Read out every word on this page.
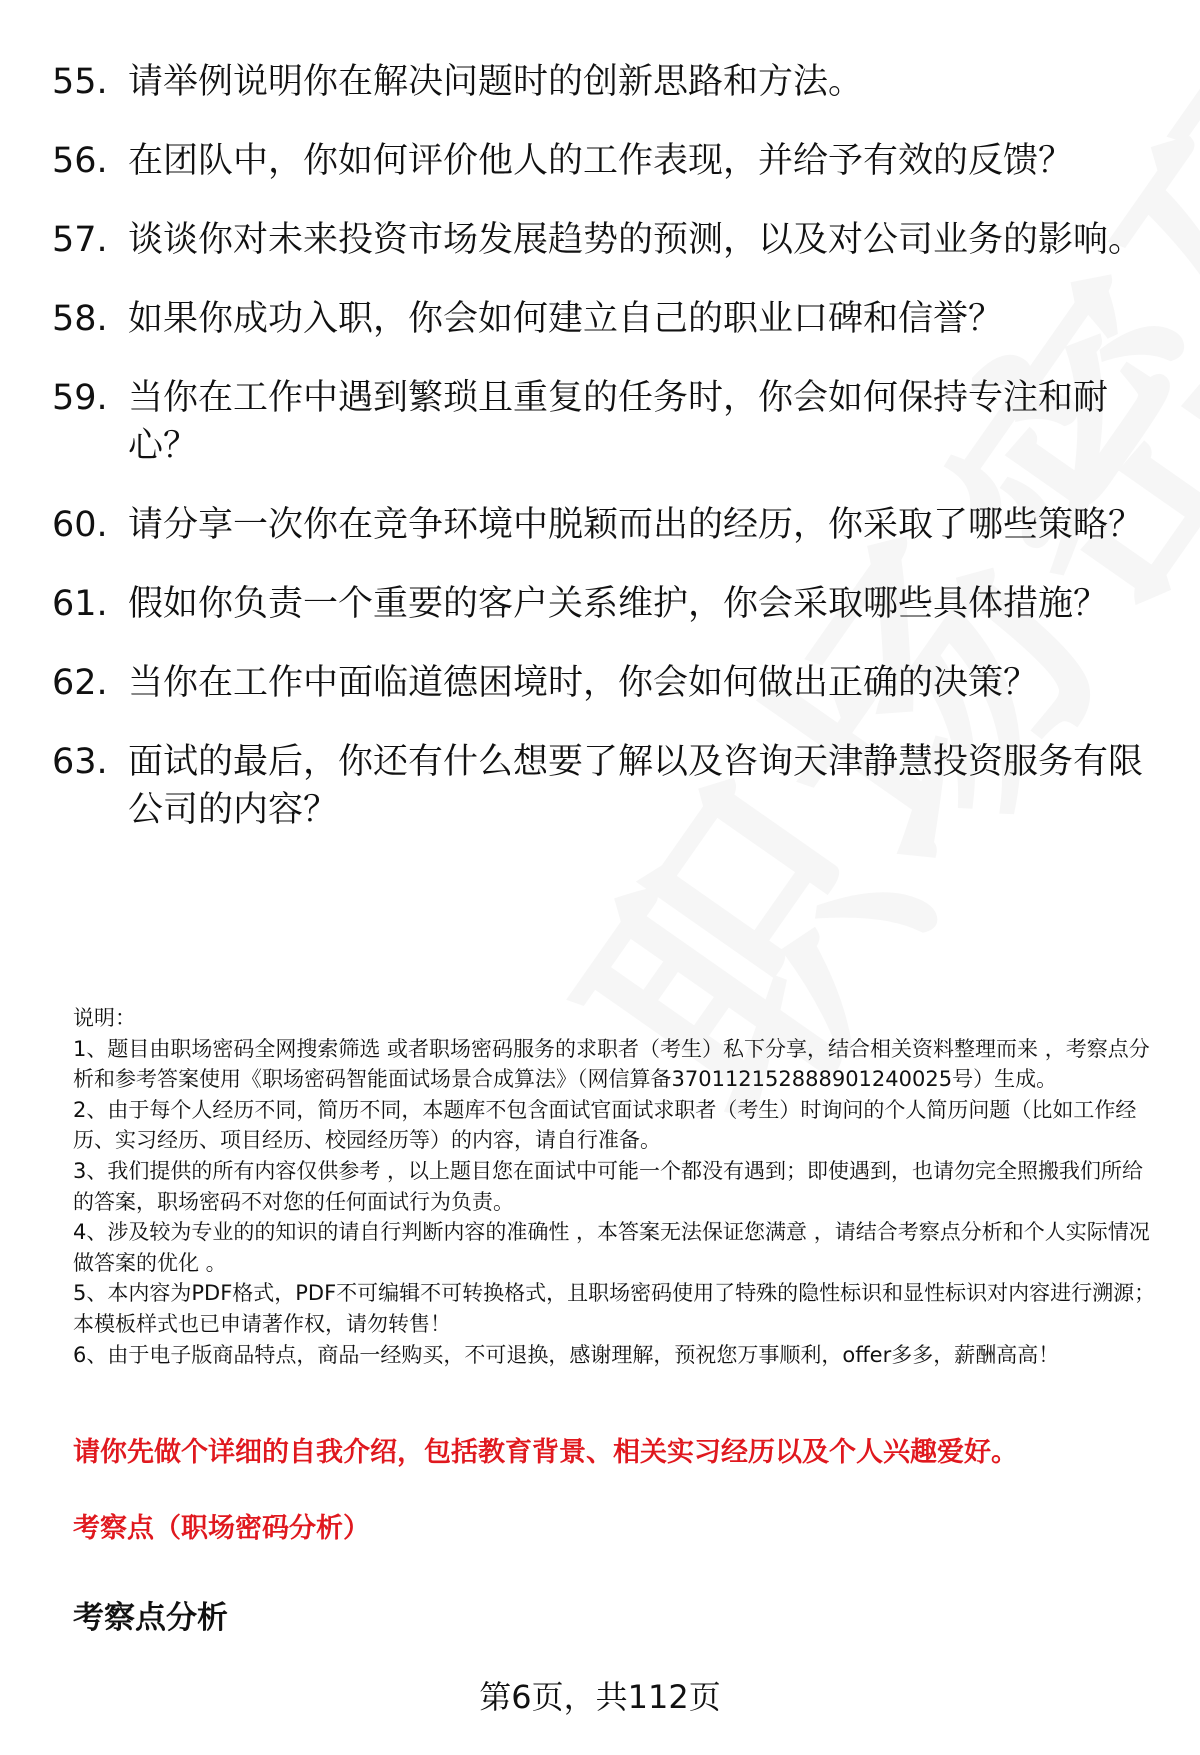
55. 请举例说明你在解决问题时的创新思路和方法。
56. 在团队中，你如何评价他人的工作表现，并给予有效的反馈？
57. 谈谈你对未来投资市场发展趋势的预测，以及对公司业务的影响。
58. 如果你成功入职，你会如何建立自己的职业口碑和信誉？
59. 当你在工作中遇到繁琐且重复的任务时，你会如何保持专注和耐心？
60. 请分享一次你在竞争环境中脱颖而出的经历，你采取了哪些策略？
61. 假如你负责一个重要的客户关系维护，你会采取哪些具体措施？
62. 当你在工作中面临道德困境时，你会如何做出正确的决策？
63. 面试的最后，你还有什么想要了解以及咨询天津静慧投资服务有限公司的内容？

说明：

1、题目由职场密码全网搜索筛选 或者职场密码服务的求职者（考生）私下分享，结合相关资料整理而来 ，考察点分析和参考答案使用《职场密码智能面试场景合成算法》（网信算备370112152888901240025号）生成。

2、由于每个人经历不同，简历不同，本题库不包含面试官面试求职者（考生）时询问的个人简历问题（比如工作经历、实习经历、项目经历、校园经历等）的内容，请自行准备。

3、我们提供的所有内容仅供参考 ，以上题目您在面试中可能一个都没有遇到；即使遇到，也请勿完全照搬我们所给的答案，职场密码不对您的任何面试行为负责。

4、涉及较为专业的的知识的请自行判断内容的准确性 ，本答案无法保证您满意 ，请结合考察点分析和个人实际情况做答案的优化 。

5、本内容为PDF格式，PDF不可编辑不可转换格式，且职场密码使用了特殊的隐性标识和显性标识对内容进行溯源；本模板样式也已申请著作权，请勿转售！

6、由于电子版商品特点，商品一经购买，不可退换，感谢理解，预祝您万事顺利，offer多多，薪酬高高！

请你先做个详细的自我介绍，包括教育背景、相关实习经历以及个人兴趣爱好。
考察点（职场密码分析）
考察点分析
第6页，共112页
